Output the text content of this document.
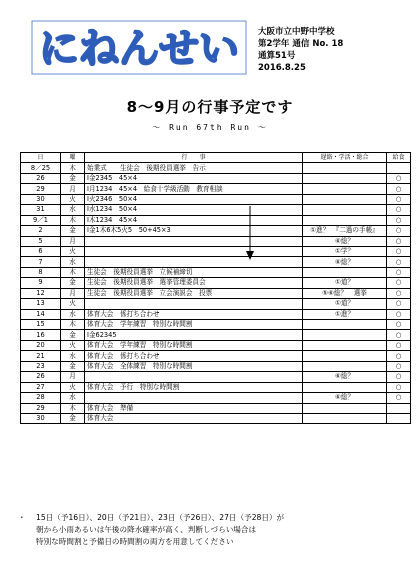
にねんせい 大阪市立中野中学校
第2学年 通信 No. 18
通算51号
2016.8.25
8～9月の行事予定です
～ Run 67th Run ～
日	曜	行　　事	遅絡・学活・総合	給食
8／25	木	始業式　　生徒会　後期役員選挙　告示		
26	金	Ⅰ金2345　45×4		○
29	月	Ⅰ月1234　45×4　給食十学級活動　教育相談		○
30	火	Ⅰ火2346　50×4		○
31	水	Ⅰ水1234　50×4		○
9／1	木	Ⅰ木1234　45×4		○
2	金	Ⅰ金1木6木5火5　50+45×3	①進？　『二過の手帳』	○
5	月		⑥総？	○
6	火		①学？	○
7	水		⑥総？	○
8	木	生徒会　後期役員選挙　立候補締切		○
9	金	生徒会　後期役員選挙　選挙管理委員会	①道？	○
12	月	生徒会　後期役員選挙　立会演説会　投票	⑤⑥総？　選挙	○
13	火		①道？	○
14	水	体育大会　係打ち合わせ	①進？	○
15	木	体育大会　学年練習　特別な時間割		○
16	金	Ⅰ金62345		○
20	火	体育大会　学年練習　特別な時間割		○
21	水	体育大会　係打ち合わせ		○
23	金	体育大会　全体練習　特別な時間割		○
26	月		⑥総？	○
27	火	体育大会　予行　特別な時間割		○
28	水		⑥総？	○
29	木	体育大会　準備		
30	金	体育大会		
・ 15日（予16日）、20日（予21日）、23日（予26日）、27日（予28日）が
朝から小雨あるいは午後の降水確率が高く、判断しづらい場合は
特別な時間割と予備日の時間割の両方を用意してください
